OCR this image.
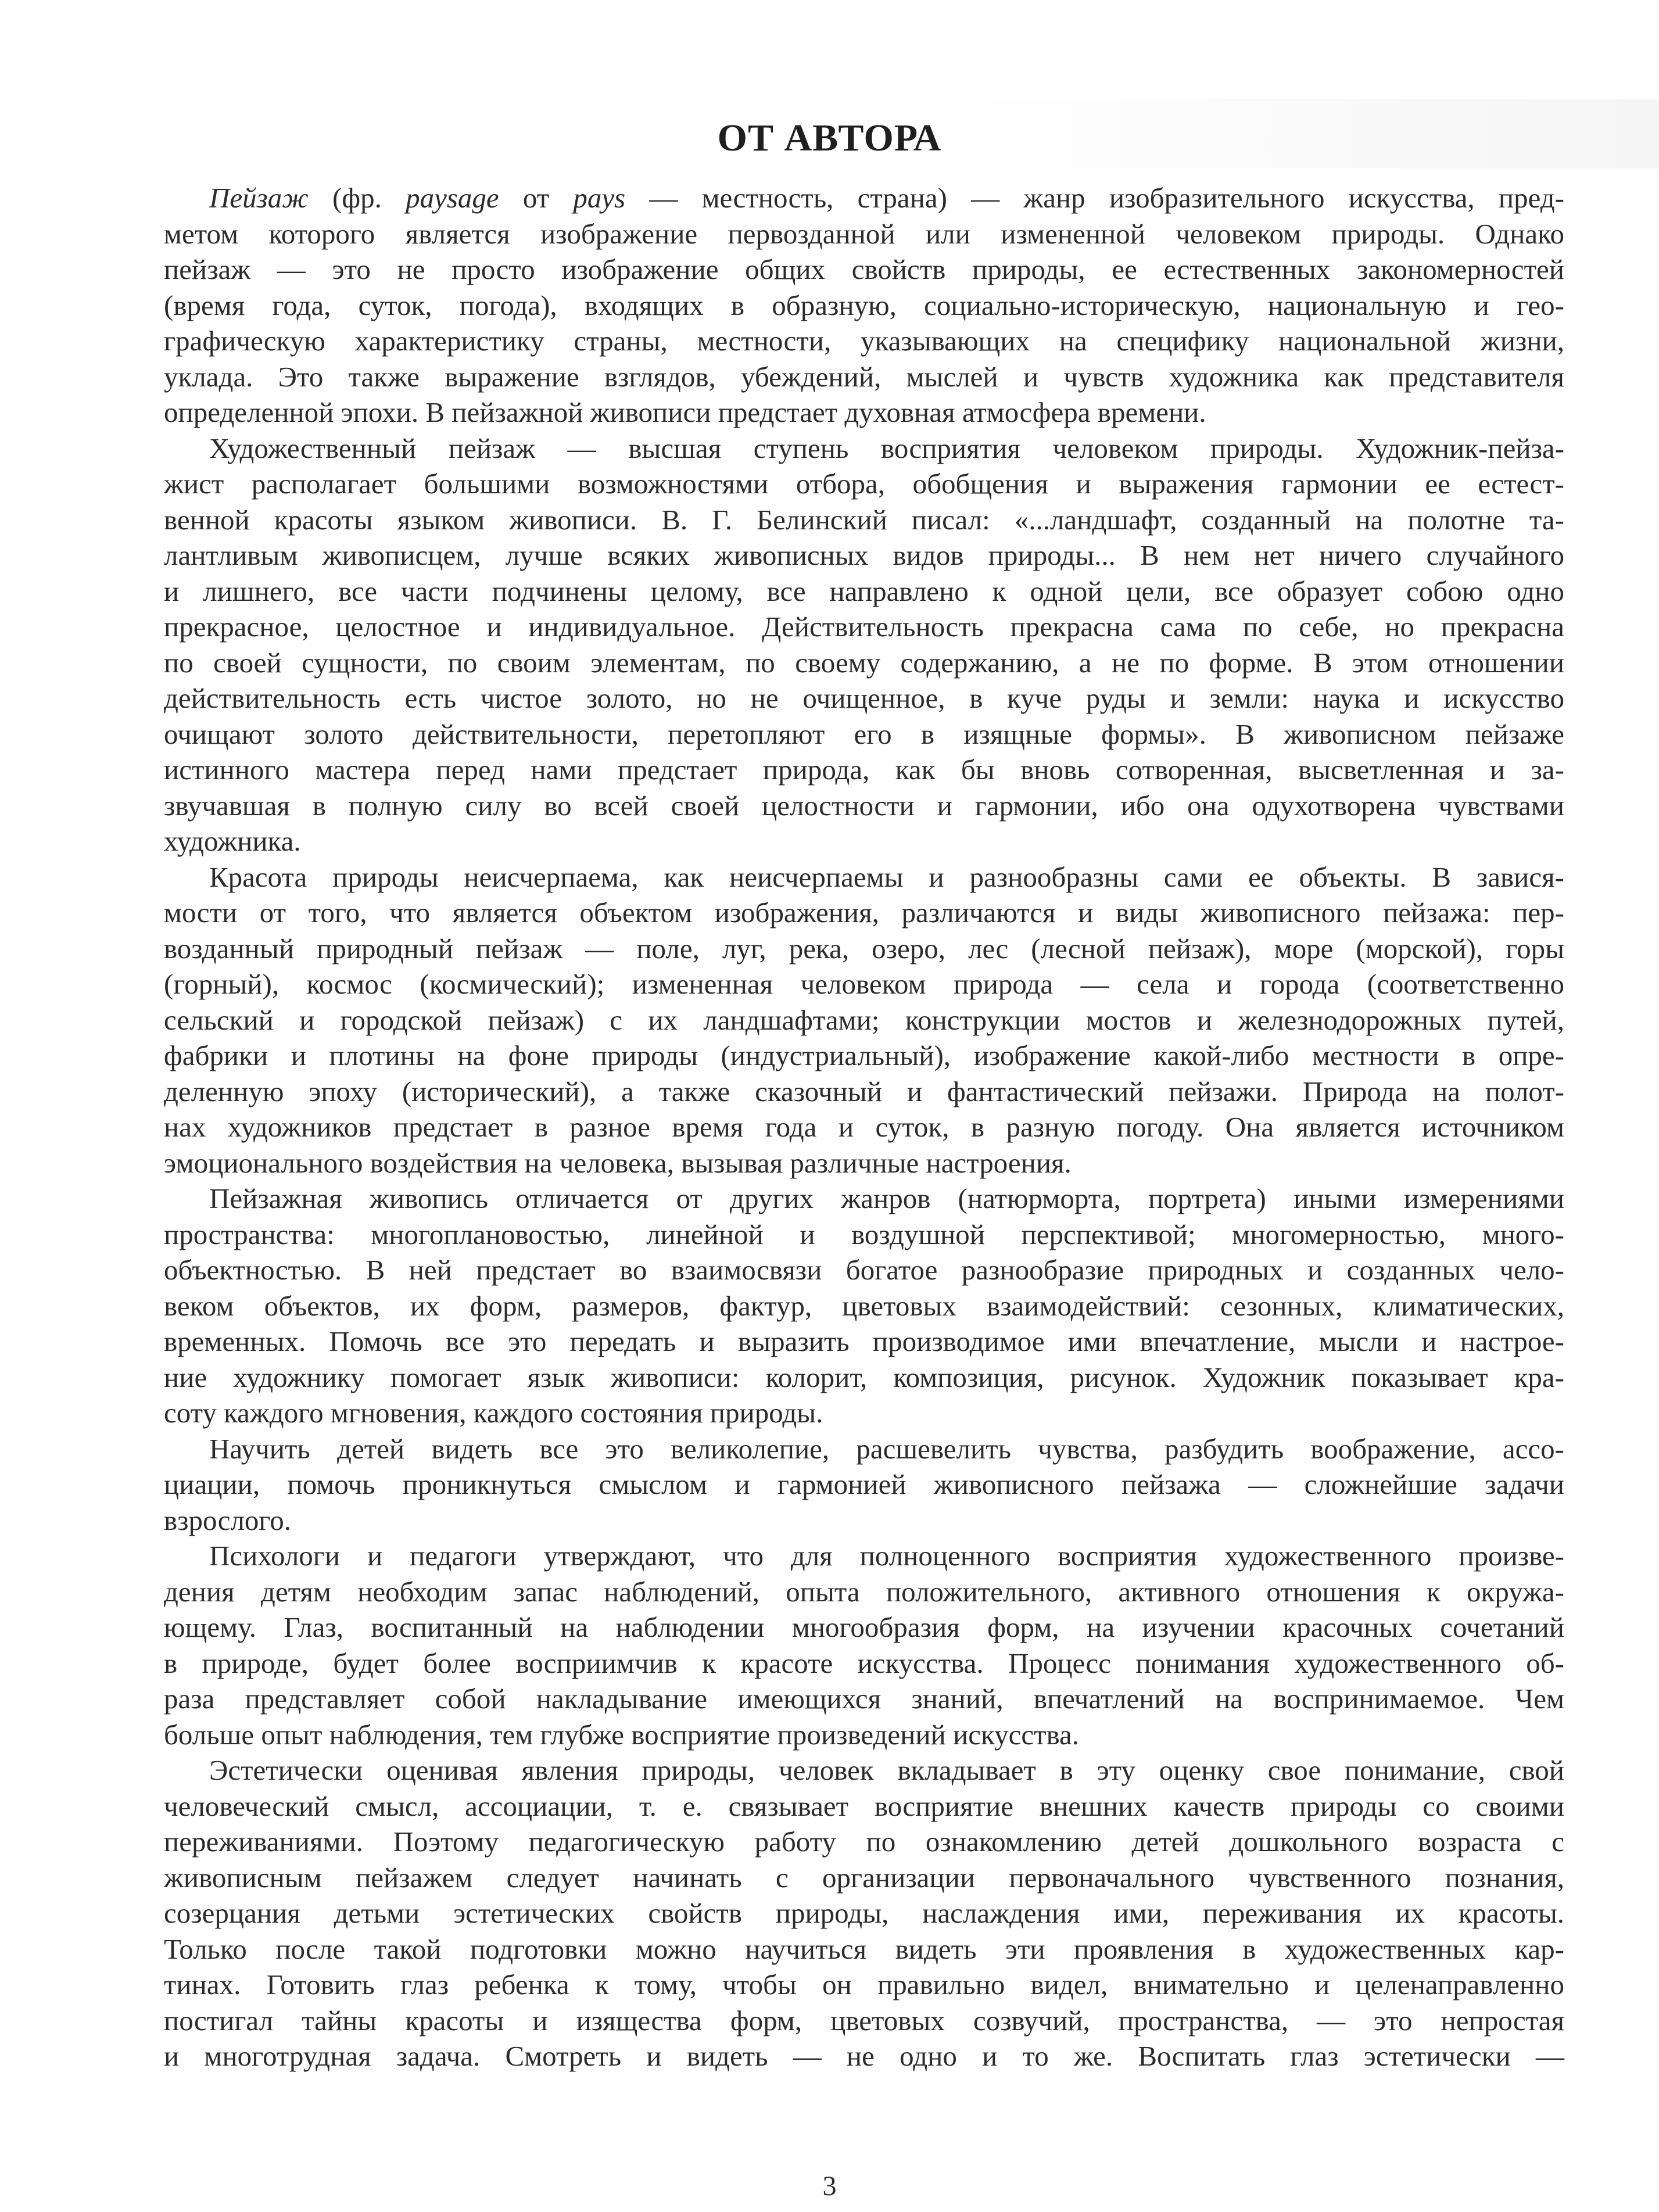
ОТ АВТОРА
Пейзаж (фр. paysage от pays — местность, страна) — жанр изобразительного искусства, пред-
метом которого является изображение первозданной или измененной человеком природы. Однако
пейзаж — это не просто изображение общих свойств природы, ее естественных закономерностей
(время года, суток, погода), входящих в образную, социально-историческую, национальную и гео-
графическую характеристику страны, местности, указывающих на специфику национальной жизни,
уклада. Это также выражение взглядов, убеждений, мыслей и чувств художника как представителя
определенной эпохи. В пейзажной живописи предстает духовная атмосфера времени.
Художественный пейзаж — высшая ступень восприятия человеком природы. Художник-пейза-
жист располагает большими возможностями отбора, обобщения и выражения гармонии ее естест-
венной красоты языком живописи. В. Г. Белинский писал: «...ландшафт, созданный на полотне та-
лантливым живописцем, лучше всяких живописных видов природы... В нем нет ничего случайного
и лишнего, все части подчинены целому, все направлено к одной цели, все образует собою одно
прекрасное, целостное и индивидуальное. Действительность прекрасна сама по себе, но прекрасна
по своей сущности, по своим элементам, по своему содержанию, а не по форме. В этом отношении
действительность есть чистое золото, но не очищенное, в куче руды и земли: наука и искусство
очищают золото действительности, перетопляют его в изящные формы». В живописном пейзаже
истинного мастера перед нами предстает природа, как бы вновь сотворенная, высветленная и за-
звучавшая в полную силу во всей своей целостности и гармонии, ибо она одухотворена чувствами
художника.
Красота природы неисчерпаема, как неисчерпаемы и разнообразны сами ее объекты. В завися-
мости от того, что является объектом изображения, различаются и виды живописного пейзажа: пер-
возданный природный пейзаж — поле, луг, река, озеро, лес (лесной пейзаж), море (морской), горы
(горный), космос (космический); измененная человеком природа — села и города (соответственно
сельский и городской пейзаж) с их ландшафтами; конструкции мостов и железнодорожных путей,
фабрики и плотины на фоне природы (индустриальный), изображение какой-либо местности в опре-
деленную эпоху (исторический), а также сказочный и фантастический пейзажи. Природа на полот-
нах художников предстает в разное время года и суток, в разную погоду. Она является источником
эмоционального воздействия на человека, вызывая различные настроения.
Пейзажная живопись отличается от других жанров (натюрморта, портрета) иными измерениями
пространства: многоплановостью, линейной и воздушной перспективой; многомерностью, много-
объектностью. В ней предстает во взаимосвязи богатое разнообразие природных и созданных чело-
веком объектов, их форм, размеров, фактур, цветовых взаимодействий: сезонных, климатических,
временных. Помочь все это передать и выразить производимое ими впечатление, мысли и настрое-
ние художнику помогает язык живописи: колорит, композиция, рисунок. Художник показывает кра-
соту каждого мгновения, каждого состояния природы.
Научить детей видеть все это великолепие, расшевелить чувства, разбудить воображение, ассо-
циации, помочь проникнуться смыслом и гармонией живописного пейзажа — сложнейшие задачи
взрослого.
Психологи и педагоги утверждают, что для полноценного восприятия художественного произве-
дения детям необходим запас наблюдений, опыта положительного, активного отношения к окружа-
ющему. Глаз, воспитанный на наблюдении многообразия форм, на изучении красочных сочетаний
в природе, будет более восприимчив к красоте искусства. Процесс понимания художественного об-
раза представляет собой накладывание имеющихся знаний, впечатлений на воспринимаемое. Чем
больше опыт наблюдения, тем глубже восприятие произведений искусства.
Эстетически оценивая явления природы, человек вкладывает в эту оценку свое понимание, свой
человеческий смысл, ассоциации, т. е. связывает восприятие внешних качеств природы со своими
переживаниями. Поэтому педагогическую работу по ознакомлению детей дошкольного возраста с
живописным пейзажем следует начинать с организации первоначального чувственного познания,
созерцания детьми эстетических свойств природы, наслаждения ими, переживания их красоты.
Только после такой подготовки можно научиться видеть эти проявления в художественных кар-
тинах. Готовить глаз ребенка к тому, чтобы он правильно видел, внимательно и целенаправленно
постигал тайны красоты и изящества форм, цветовых созвучий, пространства, — это непростая
и многотрудная задача. Смотреть и видеть — не одно и то же. Воспитать глаз эстетически —
3
